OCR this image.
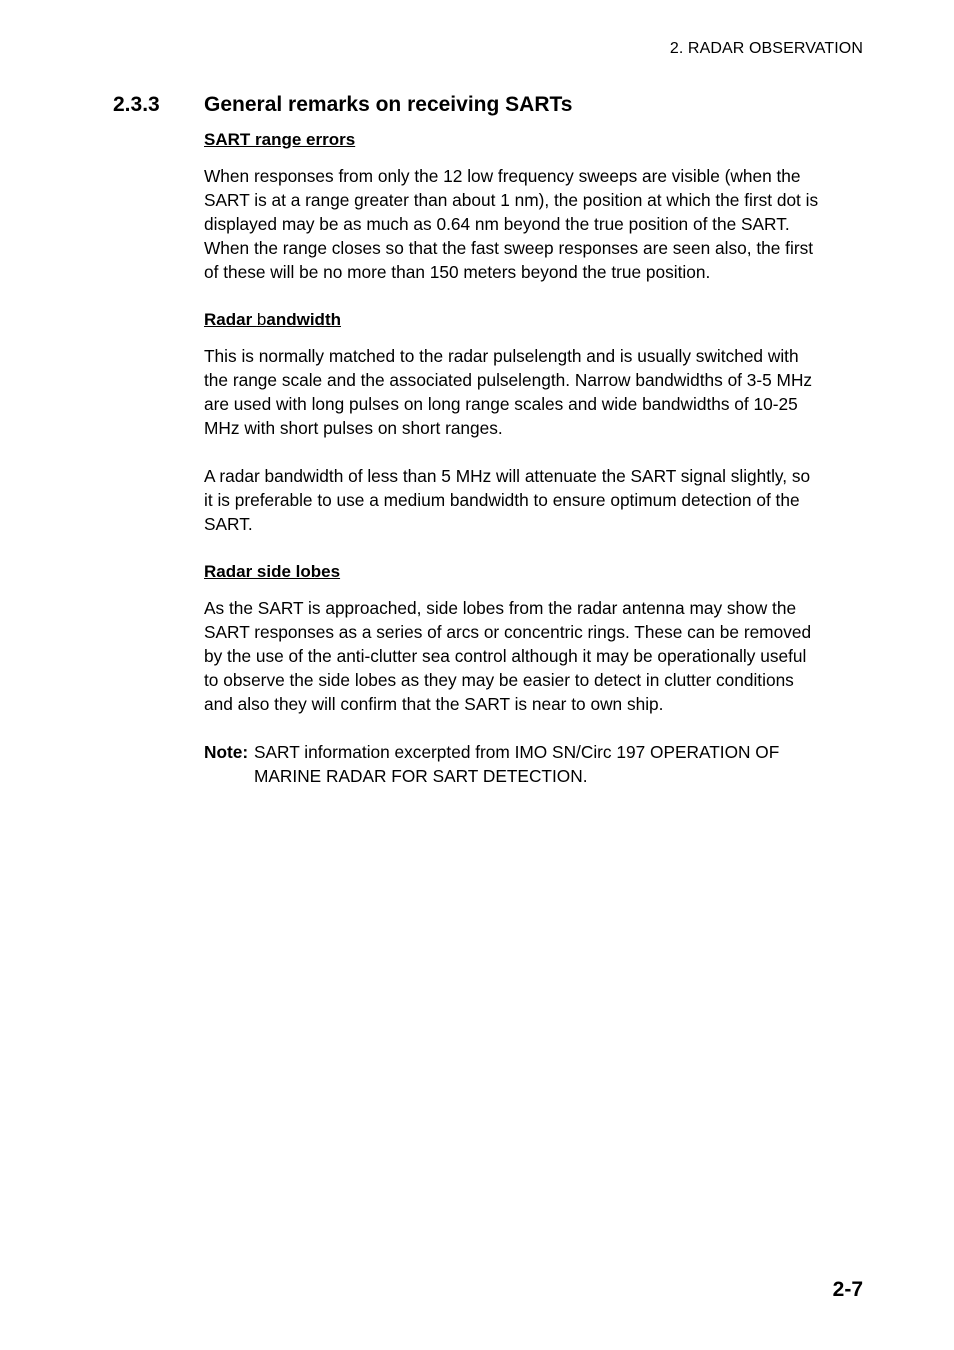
2. RADAR OBSERVATION
2.3.3 General remarks on receiving SARTs
SART range errors
When responses from only the 12 low frequency sweeps are visible (when the
SART is at a range greater than about 1 nm), the position at which the first dot is
displayed may be as much as 0.64 nm beyond the true position of the SART.
When the range closes so that the fast sweep responses are seen also, the first
of these will be no more than 150 meters beyond the true position.
Radar bandwidth
This is normally matched to the radar pulselength and is usually switched with
the range scale and the associated pulselength. Narrow bandwidths of 3-5 MHz
are used with long pulses on long range scales and wide bandwidths of 10-25
MHz with short pulses on short ranges.
A radar bandwidth of less than 5 MHz will attenuate the SART signal slightly, so
it is preferable to use a medium bandwidth to ensure optimum detection of the
SART.
Radar side lobes
As the SART is approached, side lobes from the radar antenna may show the
SART responses as a series of arcs or concentric rings. These can be removed
by the use of the anti-clutter sea control although it may be operationally useful
to observe the side lobes as they may be easier to detect in clutter conditions
and also they will confirm that the SART is near to own ship.
Note: SART information excerpted from IMO SN/Circ 197 OPERATION OF
MARINE RADAR FOR SART DETECTION.
2-7
